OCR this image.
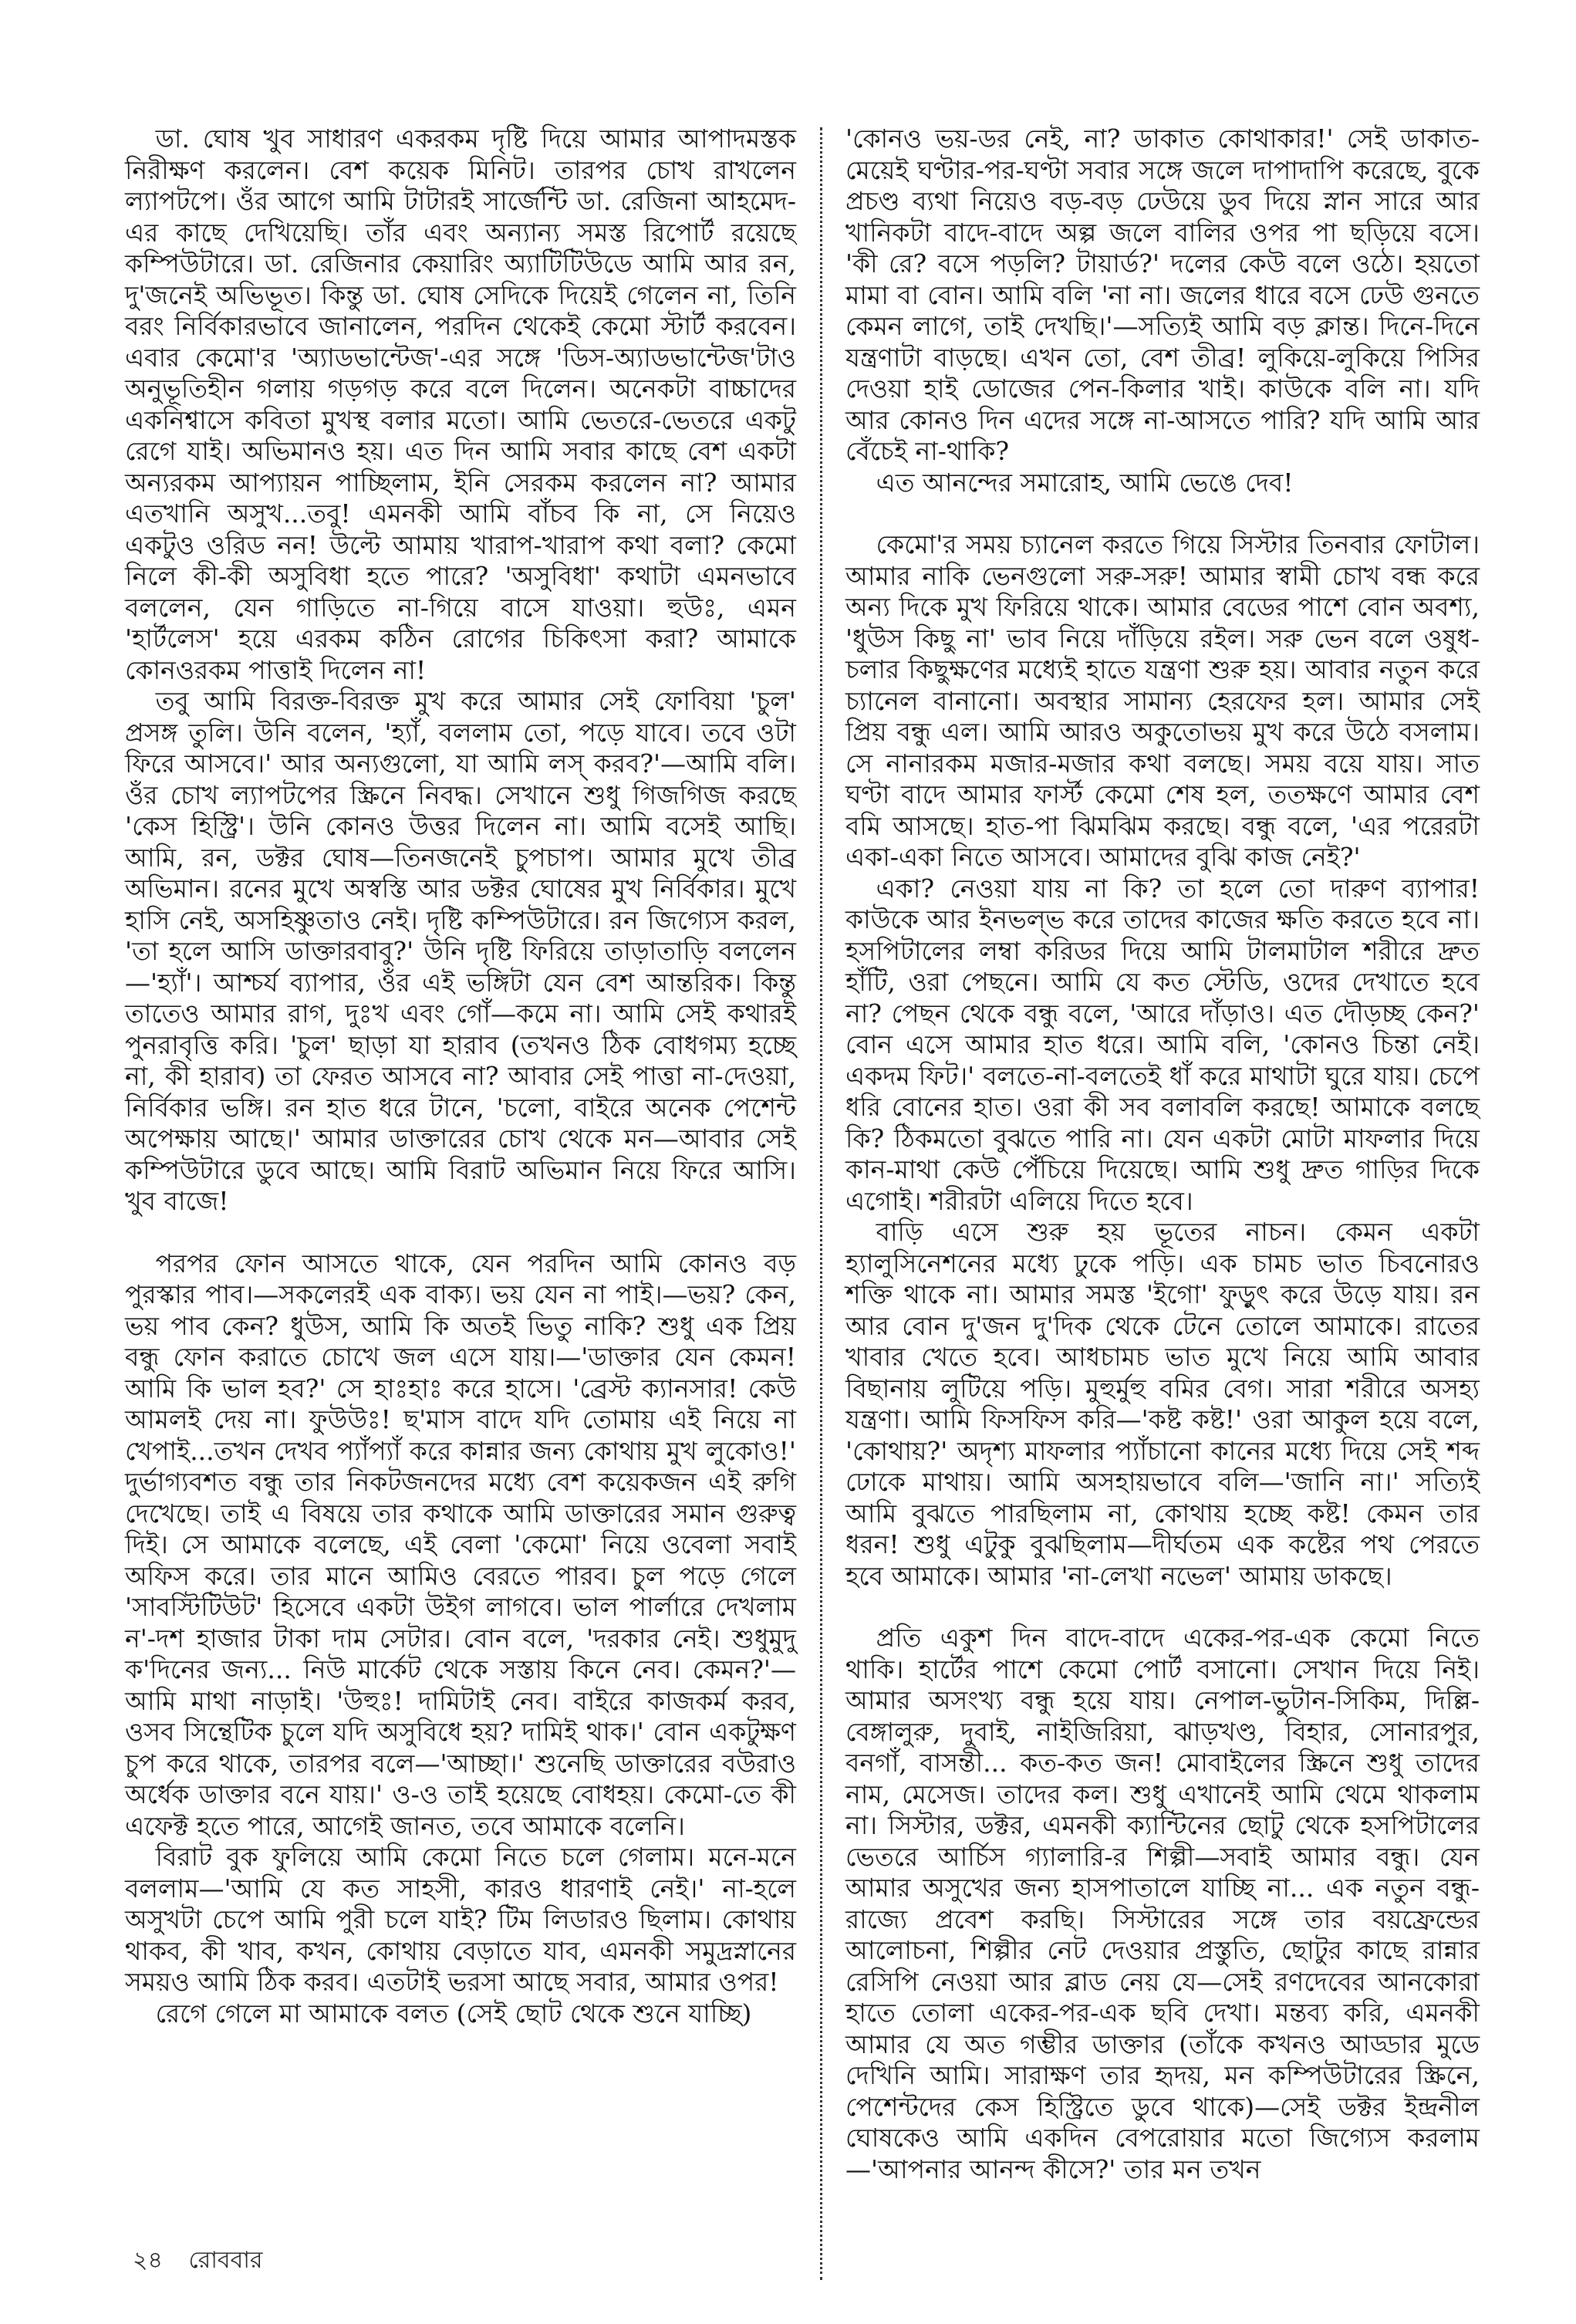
ডা. ঘোষ খুব সাধারণ একরকম দৃষ্টি দিয়ে আমার আপাদমস্তক নিরীক্ষণ করলেন। বেশ কয়েক মিনিট। তারপর চোখ রাখলেন ল্যাপটপে। ওঁর আগে আমি টাটারই সার্জেন্টি ডা. রেজিনা আহমেদ-এর কাছে দেখিয়েছি। তাঁর এবং অন্যান্য সমস্ত রিপোর্ট রয়েছে কম্পিউটারে। ডা. রেজিনার কেয়ারিং অ্যাটিটিউডে আমি আর রন, দু'জনেই অভিভূত। কিন্তু ডা. ঘোষ সেদিকে দিয়েই গেলেন না, তিনি বরং নির্বিকারভাবে জানালেন, পরদিন থেকেই কেমো স্টার্ট করবেন। এবার কেমো'র 'অ্যাডভান্টেজ'-এর সঙ্গে 'ডিস-অ্যাডভান্টেজ'টাও অনুভূতিহীন গলায় গড়গড় করে বলে দিলেন। অনেকটা বাচ্চাদের একনিশ্বাসে কবিতা মুখস্থ বলার মতো। আমি ভেতরে-ভেতরে একটু রেগে যাই। অভিমানও হয়। এত দিন আমি সবার কাছে বেশ একটা অন্যরকম আপ্যায়ন পাচ্ছিলাম, ইনি সেরকম করলেন না? আমার এতখানি অসুখ...তবু! এমনকী আমি বাঁচব কি না, সে নিয়েও একটুও ওরিড নন! উল্টে আমায় খারাপ-খারাপ কথা বলা? কেমো নিলে কী-কী অসুবিধা হতে পারে? 'অসুবিধা' কথাটা এমনভাবে বললেন, যেন গাড়িতে না-গিয়ে বাসে যাওয়া। হুউঃ, এমন 'হার্টলেস' হয়ে এরকম কঠিন রোগের চিকিৎসা করা? আমাকে কোনওরকম পাত্তাই দিলেন না!

তবু আমি বিরক্ত-বিরক্ত মুখ করে আমার সেই ফোবিয়া 'চুল' প্রসঙ্গ তুলি। উনি বলেন, 'হ্যাঁ, বললাম তো, পড়ে যাবে। তবে ওটা ফিরে আসবে।' আর অন্যগুলো, যা আমি লস্ করব?'—আমি বলি। ওঁর চোখ ল্যাপটপের স্ক্রিনে নিবদ্ধ। সেখানে শুধু গিজগিজ করছে 'কেস হিস্ট্রি'। উনি কোনও উত্তর দিলেন না। আমি বসেই আছি। আমি, রন, ডক্টর ঘোষ—তিনজনেই চুপচাপ। আমার মুখে তীব্র অভিমান। রনের মুখে অস্বস্তি আর ডক্টর ঘোষের মুখ নির্বিকার। মুখে হাসি নেই, অসহিষ্ণুতাও নেই। দৃষ্টি কম্পিউটারে। রন জিগ্যেস করল, 'তা হলে আসি ডাক্তারবাবু?' উনি দৃষ্টি ফিরিয়ে তাড়াতাড়ি বললেন—'হ্যাঁ'। আশ্চর্য ব্যাপার, ওঁর এই ভঙ্গিটা যেন বেশ আন্তরিক। কিন্তু তাতেও আমার রাগ, দুঃখ এবং গোঁ—কমে না। আমি সেই কথারই পুনরাবৃত্তি করি। 'চুল' ছাড়া যা হারাব (তখনও ঠিক বোধগম্য হচ্ছে না, কী হারাব) তা ফেরত আসবে না? আবার সেই পাত্তা না-দেওয়া, নির্বিকার ভঙ্গি। রন হাত ধরে টানে, 'চলো, বাইরে অনেক পেশেন্ট অপেক্ষায় আছে।' আমার ডাক্তারের চোখ থেকে মন—আবার সেই কম্পিউটারে ডুবে আছে। আমি বিরাট অভিমান নিয়ে ফিরে আসি। খুব বাজে!

পরপর ফোন আসতে থাকে, যেন পরদিন আমি কোনও বড় পুরস্কার পাব।—সকলেরই এক বাক্য। ভয় যেন না পাই।—ভয়? কেন, ভয় পাব কেন? ধুউস, আমি কি অতই ভিতু নাকি? শুধু এক প্রিয় বন্ধু ফোন করাতে চোখে জল এসে যায়।—'ডাক্তার যেন কেমন! আমি কি ভাল হব?' সে হাঃহাঃ করে হাসে। 'ব্রেস্ট ক্যানসার! কেউ আমলই দেয় না। ফুউউঃ! ছ'মাস বাদে যদি তোমায় এই নিয়ে না খেপাই...তখন দেখব প্যাঁপ্যাঁ করে কান্নার জন্য কোথায় মুখ লুকোও!' দুর্ভাগ্যবশত বন্ধু তার নিকটজনদের মধ্যে বেশ কয়েকজন এই রুগি দেখেছে। তাই এ বিষয়ে তার কথাকে আমি ডাক্তারের সমান গুরুত্ব দিই। সে আমাকে বলেছে, এই বেলা 'কেমো' নিয়ে ওবেলা সবাই অফিস করে। তার মানে আমিও বেরতে পারব। চুল পড়ে গেলে 'সাবস্টিটিউট' হিসেবে একটা উইগ লাগবে। ভাল পার্লারে দেখলাম ন'-দশ হাজার টাকা দাম সেটার। বোন বলে, 'দরকার নেই। শুধুমুদু ক'দিনের জন্য... নিউ মার্কেট থেকে সস্তায় কিনে নেব। কেমন?'—আমি মাথা নাড়াই। 'উহুঃ! দামিটাই নেব। বাইরে কাজকর্ম করব, ওসব সিন্থেটিক চুলে যদি অসুবিধে হয়? দামিই থাক।' বোন একটুক্ষণ চুপ করে থাকে, তারপর বলে—'আচ্ছা।' শুনেছি ডাক্তারের বউরাও অর্ধেক ডাক্তার বনে যায়।' ও-ও তাই হয়েছে বোধহয়। কেমো-তে কী এফেক্ট হতে পারে, আগেই জানত, তবে আমাকে বলেনি।

বিরাট বুক ফুলিয়ে আমি কেমো নিতে চলে গেলাম। মনে-মনে বললাম—'আমি যে কত সাহসী, কারও ধারণাই নেই।' না-হলে অসুখটা চেপে আমি পুরী চলে যাই? টিম লিডারও ছিলাম। কোথায় থাকব, কী খাব, কখন, কোথায় বেড়াতে যাব, এমনকী সমুদ্রস্নানের সময়ও আমি ঠিক করব। এতটাই ভরসা আছে সবার, আমার ওপর!

রেগে গেলে মা আমাকে বলত (সেই ছোট থেকে শুনে যাচ্ছি)

'কোনও ভয়-ডর নেই, না? ডাকাত কোথাকার!' সেই ডাকাত-মেয়েই ঘণ্টার-পর-ঘণ্টা সবার সঙ্গে জলে দাপাদাপি করেছে, বুকে প্রচণ্ড ব্যথা নিয়েও বড়-বড় ঢেউয়ে ডুব দিয়ে স্নান সারে আর খানিকটা বাদে-বাদে অল্প জলে বালির ওপর পা ছড়িয়ে বসে। 'কী রে? বসে পড়লি? টায়ার্ড?' দলের কেউ বলে ওঠে। হয়তো মামা বা বোন। আমি বলি 'না না। জলের ধারে বসে ঢেউ গুনতে কেমন লাগে, তাই দেখছি।'—সত্যিই আমি বড় ক্লান্ত। দিনে-দিনে যন্ত্রণাটা বাড়ছে। এখন তো, বেশ তীব্র! লুকিয়ে-লুকিয়ে পিসির দেওয়া হাই ডোজের পেন-কিলার খাই। কাউকে বলি না। যদি আর কোনও দিন এদের সঙ্গে না-আসতে পারি? যদি আমি আর বেঁচেই না-থাকি?

এত আনন্দের সমারোহ, আমি ভেঙে দেব!

কেমো'র সময় চ্যানেল করতে গিয়ে সিস্টার তিনবার ফোটাল। আমার নাকি ভেনগুলো সরু-সরু! আমার স্বামী চোখ বন্ধ করে অন্য দিকে মুখ ফিরিয়ে থাকে। আমার বেডের পাশে বোন অবশ্য, 'ধুউস কিছু না' ভাব নিয়ে দাঁড়িয়ে রইল। সরু ভেন বলে ওষুধ-চলার কিছুক্ষণের মধ্যেই হাতে যন্ত্রণা শুরু হয়। আবার নতুন করে চ্যানেল বানানো। অবস্থার সামান্য হেরফের হল। আমার সেই প্রিয় বন্ধু এল। আমি আরও অকুতোভয় মুখ করে উঠে বসলাম। সে নানারকম মজার-মজার কথা বলছে। সময় বয়ে যায়। সাত ঘণ্টা বাদে আমার ফার্স্ট কেমো শেষ হল, ততক্ষণে আমার বেশ বমি আসছে। হাত-পা ঝিমঝিম করছে। বন্ধু বলে, 'এর পরেরটা একা-একা নিতে আসবে। আমাদের বুঝি কাজ নেই?'

একা? নেওয়া যায় না কি? তা হলে তো দারুণ ব্যাপার! কাউকে আর ইনভল্ভ করে তাদের কাজের ক্ষতি করতে হবে না। হসপিটালের লম্বা করিডর দিয়ে আমি টালমাটাল শরীরে দ্রুত হাঁটি, ওরা পেছনে। আমি যে কত স্টেডি, ওদের দেখাতে হবে না? পেছন থেকে বন্ধু বলে, 'আরে দাঁড়াও। এত দৌড়চ্ছ কেন?' বোন এসে আমার হাত ধরে। আমি বলি, 'কোনও চিন্তা নেই। একদম ফিট।' বলতে-না-বলতেই ধাঁ করে মাথাটা ঘুরে যায়। চেপে ধরি বোনের হাত। ওরা কী সব বলাবলি করছে! আমাকে বলছে কি? ঠিকমতো বুঝতে পারি না। যেন একটা মোটা মাফলার দিয়ে কান-মাথা কেউ পেঁচিয়ে দিয়েছে। আমি শুধু দ্রুত গাড়ির দিকে এগোই। শরীরটা এলিয়ে দিতে হবে।

বাড়ি এসে শুরু হয় ভূতের নাচন। কেমন একটা হ্যালুসিনেশনের মধ্যে ঢুকে পড়ি। এক চামচ ভাত চিবনোরও শক্তি থাকে না। আমার সমস্ত 'ইগো' ফুড়ুৎ করে উড়ে যায়। রন আর বোন দু'জন দু'দিক থেকে টেনে তোলে আমাকে। রাতের খাবার খেতে হবে। আধচামচ ভাত মুখে নিয়ে আমি আবার বিছানায় লুটিয়ে পড়ি। মুহুর্মুহু বমির বেগ। সারা শরীরে অসহ্য যন্ত্রণা। আমি ফিসফিস করি—'কষ্ট কষ্ট!' ওরা আকুল হয়ে বলে, 'কোথায়?' অদৃশ্য মাফলার প্যাঁচানো কানের মধ্যে দিয়ে সেই শব্দ ঢোকে মাথায়। আমি অসহায়ভাবে বলি—'জানি না।' সত্যিই আমি বুঝতে পারছিলাম না, কোথায় হচ্ছে কষ্ট! কেমন তার ধরন! শুধু এটুকু বুঝছিলাম—দীর্ঘতম এক কষ্টের পথ পেরতে হবে আমাকে। আমার 'না-লেখা নভেল' আমায় ডাকছে।

প্রতি একুশ দিন বাদে-বাদে একের-পর-এক কেমো নিতে থাকি। হার্টের পাশে কেমো পোর্ট বসানো। সেখান দিয়ে নিই। আমার অসংখ্য বন্ধু হয়ে যায়। নেপাল-ভুটান-সিকিম, দিল্লি-বেঙ্গালুরু, দুবাই, নাইজিরিয়া, ঝাড়খণ্ড, বিহার, সোনারপুর, বনগাঁ, বাসন্তী... কত-কত জন! মোবাইলের স্ক্রিনে শুধু তাদের নাম, মেসেজ। তাদের কল। শুধু এখানেই আমি থেমে থাকলাম না। সিস্টার, ডক্টর, এমনকী ক্যান্টিনের ছোটু থেকে হসপিটালের ভেতরে আর্চিস গ্যালারি-র শিল্পী—সবাই আমার বন্ধু। যেন আমার অসুখের জন্য হাসপাতালে যাচ্ছি না... এক নতুন বন্ধু-রাজ্যে প্রবেশ করছি। সিস্টারের সঙ্গে তার বয়ফ্রেন্ডের আলোচনা, শিল্পীর নেট দেওয়ার প্রস্তুতি, ছোটুর কাছে রান্নার রেসিপি নেওয়া আর ব্লাড নেয় যে—সেই রণদেবের আনকোরা হাতে তোলা একের-পর-এক ছবি দেখা। মন্তব্য করি, এমনকী আমার যে অত গম্ভীর ডাক্তার (তাঁকে কখনও আড্ডার মুডে দেখিনি আমি। সারাক্ষণ তার হৃদয়, মন কম্পিউটারের স্ক্রিনে, পেশেন্টদের কেস হিস্ট্রিতে ডুবে থাকে)—সেই ডক্টর ইন্দ্রনীল ঘোষকেও আমি একদিন বেপরোয়ার মতো জিগ্যেস করলাম—'আপনার আনন্দ কীসে?' তার মন তখন

২৪ রোববার
